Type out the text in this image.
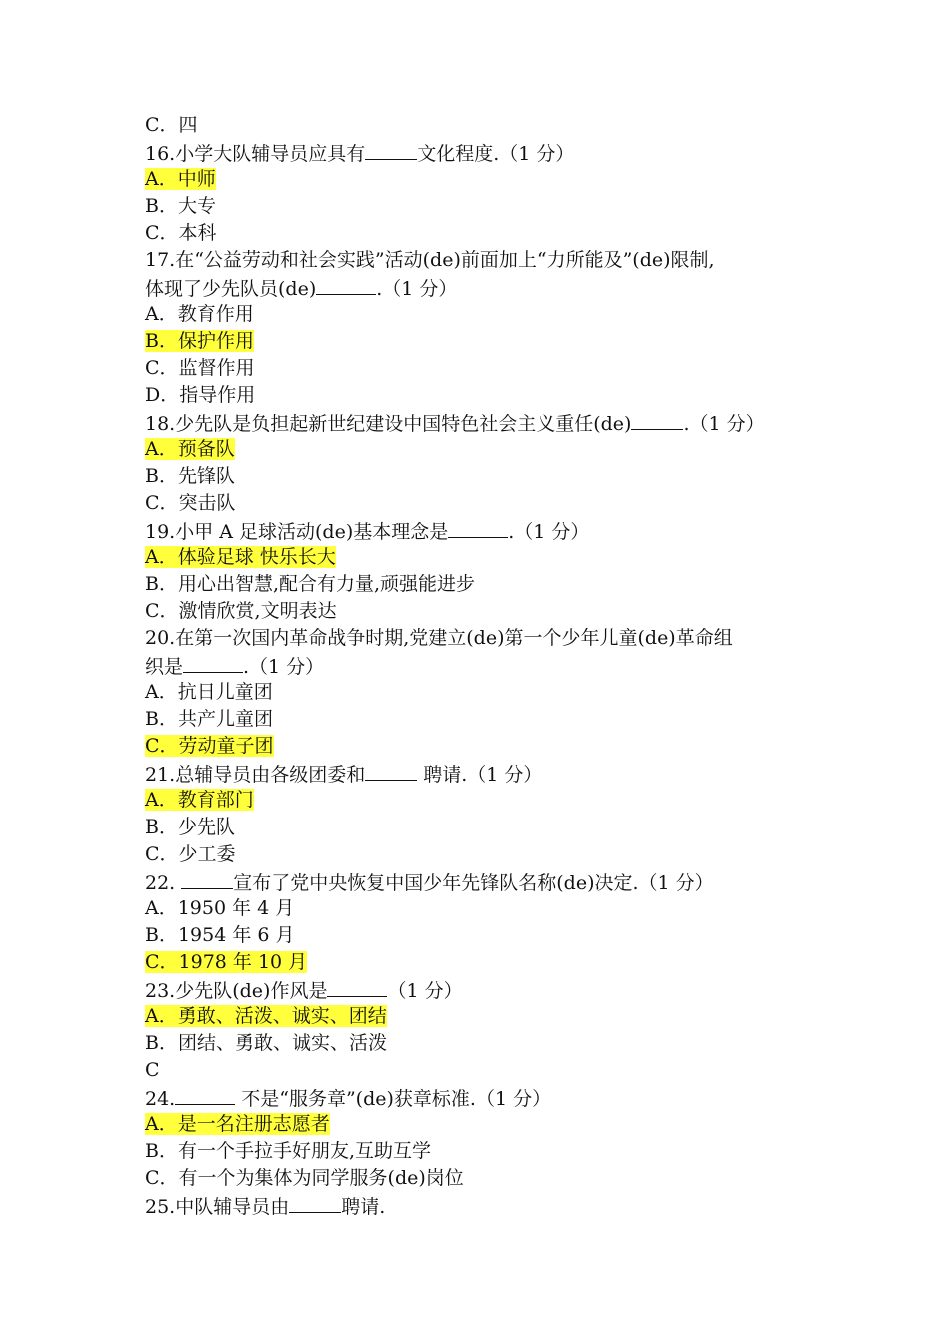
C．四
16.小学大队辅导员应具有	文化程度.（1 分）
A．中师
B．大专
C．本科
17.在“公益劳动和社会实践”活动(de)前面加上“力所能及”(de)限制,
体现了少先队员(de)	.（1 分）
A．教育作用
B．保护作用
C．监督作用
D．指导作用
18.少先队是负担起新世纪建设中国特色社会主义重任(de)	.（1 分）
A．预备队
B．先锋队
C．突击队
19.小甲 A 足球活动(de)基本理念是	.（1 分）
A．体验足球 快乐长大
B．用心出智慧,配合有力量,顽强能进步
C．激情欣赏,文明表达
20.在第一次国内革命战争时期,党建立(de)第一个少年儿童(de)革命组
织是	.（1 分）
A．抗日儿童团
B．共产儿童团
C．劳动童子团
21.总辅导员由各级团委和	聘请.（1 分）
A．教育部门
B．少先队
C．少工委
22.	宣布了党中央恢复中国少年先锋队名称(de)决定.（1 分）
A．1950 年 4 月
B．1954 年 6 月
C．1978 年 10 月
23.少先队(de)作风是	（1 分）
A．勇敢、活泼、诚实、团结
B．团结、勇敢、诚实、活泼
C
24.	不是“服务章”(de)获章标准.（1 分）
A．是一名注册志愿者
B．有一个手拉手好朋友,互助互学
C．有一个为集体为同学服务(de)岗位
25.中队辅导员由	聘请.
